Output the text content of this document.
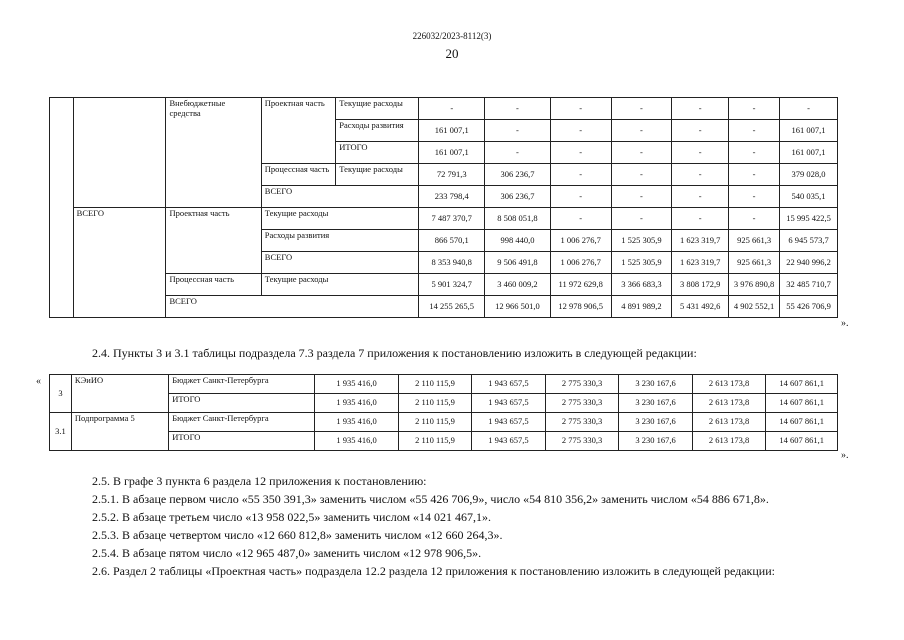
226032/2023-8112(3)
20
		Внебюджетные средства	Проектная часть	Текущие расходы	-	-	-	-	-	-	-
				Расходы развития	161 007,1	-	-	-	-	-	161 007,1
				ИТОГО	161 007,1	-	-	-	-	-	161 007,1
			Процессная часть	Текущие расходы	72 791,3	306 236,7	-	-	-	-	379 028,0
			ВСЕГО		233 798,4	306 236,7	-	-	-	-	540 035,1
	ВСЕГО	Проектная часть	Текущие расходы		7 487 370,7	8 508 051,8	-	-	-	-	15 995 422,5
			Расходы развития		866 570,1	998 440,0	1 006 276,7	1 525 305,9	1 623 319,7	925 661,3	6 945 573,7
			ВСЕГО		8 353 940,8	9 506 491,8	1 006 276,7	1 525 305,9	1 623 319,7	925 661,3	22 940 996,2
		Процессная часть	Текущие расходы		5 901 324,7	3 460 009,2	11 972 629,8	3 366 683,3	3 808 172,9	3 976 890,8	32 485 710,7
		ВСЕГО			14 255 265,5	12 966 501,0	12 978 906,5	4 891 989,2	5 431 492,6	4 902 552,1	55 426 706,9
».
2.4. Пункты 3 и 3.1 таблицы подраздела 7.3 раздела 7 приложения к постановлению изложить в следующей редакции:
«
3	КЭиИО	Бюджет Санкт-Петербурга	1 935 416,0	2 110 115,9	1 943 657,5	2 775 330,3	3 230 167,6	2 613 173,8	14 607 861,1
		ИТОГО	1 935 416,0	2 110 115,9	1 943 657,5	2 775 330,3	3 230 167,6	2 613 173,8	14 607 861,1
3.1	Подпрограмма 5	Бюджет Санкт-Петербурга	1 935 416,0	2 110 115,9	1 943 657,5	2 775 330,3	3 230 167,6	2 613 173,8	14 607 861,1
		ИТОГО	1 935 416,0	2 110 115,9	1 943 657,5	2 775 330,3	3 230 167,6	2 613 173,8	14 607 861,1
».
2.5. В графе 3 пункта 6 раздела 12 приложения к постановлению:
2.5.1. В абзаце первом число «55 350 391,3» заменить числом «55 426 706,9», число «54 810 356,2» заменить числом «54 886 671,8».
2.5.2. В абзаце третьем число «13 958 022,5» заменить числом «14 021 467,1».
2.5.3. В абзаце четвертом число «12 660 812,8» заменить числом «12 660 264,3».
2.5.4. В абзаце пятом число «12 965 487,0» заменить числом «12 978 906,5».
2.6. Раздел 2 таблицы «Проектная часть» подраздела 12.2 раздела 12 приложения к постановлению изложить в следующей редакции:
